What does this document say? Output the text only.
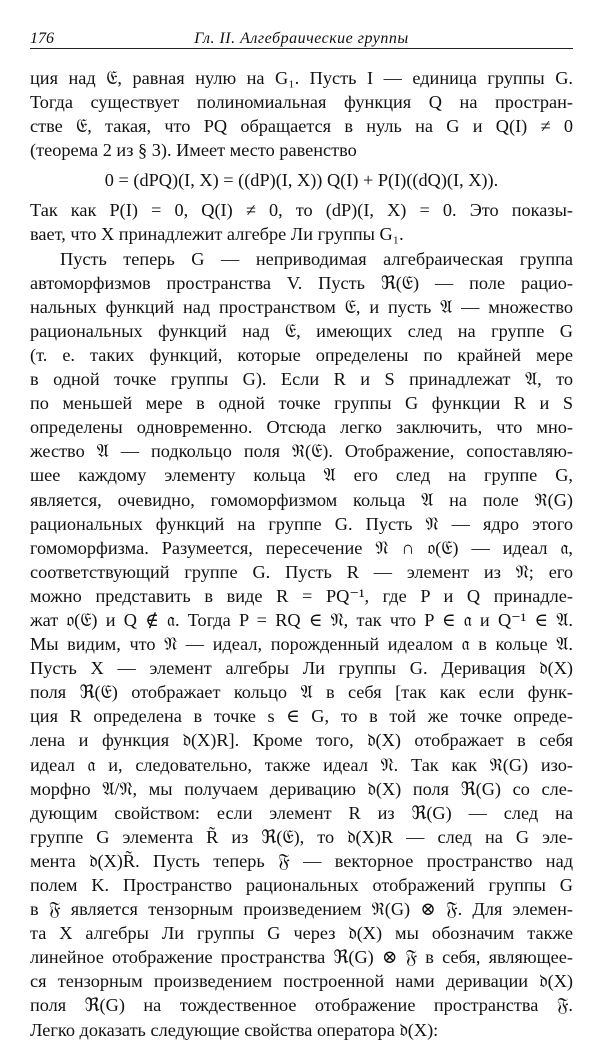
176	Гл. II. Алгебраические группы
ция над 𝔈, равная нулю на G₁. Пусть I — единица группы G.
Тогда существует полиномиальная функция Q на простран-
стве 𝔈, такая, что PQ обращается в нуль на G и Q(I) ≠ 0
(теорема 2 из § 3). Имеет место равенство
0 = (dPQ)(I, X) = ((dP)(I, X)) Q(I) + P(I)((dQ)(I, X)).
Так как P(I) = 0, Q(I) ≠ 0, то (dP)(I, X) = 0. Это показы-
вает, что X принадлежит алгебре Ли группы G₁.
Пусть теперь G — неприводимая алгебраическая группа
автоморфизмов пространства V. Пусть ℜ(𝔈) — поле рацио-
нальных функций над пространством 𝔈, и пусть 𝔄 — множество
рациональных функций над 𝔈, имеющих след на группе G
(т. е. таких функций, которые определены по крайней мере
в одной точке группы G). Если R и S принадлежат 𝔄, то
по меньшей мере в одной точке группы G функции R и S
определены одновременно. Отсюда легко заключить, что мно-
жество 𝔄 — подкольцо поля ℜ(𝔈). Отображение, сопоставляю-
шее каждому элементу кольца 𝔄 его след на группе G,
является, очевидно, гомоморфизмом кольца 𝔄 на поле ℜ(G)
рациональных функций на группе G. Пусть 𝔑 — ядро этого
гомоморфизма. Разумеется, пересечение 𝔑 ∩ 𝔬(𝔈) — идеал 𝔞,
соответствующий группе G. Пусть R — элемент из 𝔑; его
можно представить в виде R = PQ⁻¹, где P и Q принадле-
жат 𝔬(𝔈) и Q ∉ 𝔞. Тогда P = RQ ∈ 𝔑, так что P ∈ 𝔞 и Q⁻¹ ∈ 𝔄.
Мы видим, что 𝔑 — идеал, порожденный идеалом 𝔞 в кольце 𝔄.
Пусть X — элемент алгебры Ли группы G. Деривация 𝔡(X)
поля ℜ(𝔈) отображает кольцо 𝔄 в себя [так как если функ-
ция R определена в точке s ∈ G, то в той же точке опреде-
лена и функция 𝔡(X)R]. Кроме того, 𝔡(X) отображает в себя
идеал 𝔞 и, следовательно, также идеал 𝔑. Так как ℜ(G) изо-
морфно 𝔄/𝔑, мы получаем деривацию 𝔡(X) поля ℜ(G) со сле-
дующим свойством: если элемент R из ℜ(G) — след на
группе G элемента R̃ из ℜ(𝔈), то 𝔡(X)R — след на G эле-
мента 𝔡(X)R̃. Пусть теперь 𝔉 — векторное пространство над
полем K. Пространство рациональных отображений группы G
в 𝔉 является тензорным произведением ℜ(G) ⊗ 𝔉. Для элемен-
та X алгебры Ли группы G через 𝔡(X) мы обозначим также
линейное отображение пространства ℜ(G) ⊗ 𝔉 в себя, являющее-
ся тензорным произведением построенной нами деривации 𝔡(X)
поля ℜ(G) на тождественное отображение пространства 𝔉.
Легко доказать следующие свойства оператора 𝔡(X):
